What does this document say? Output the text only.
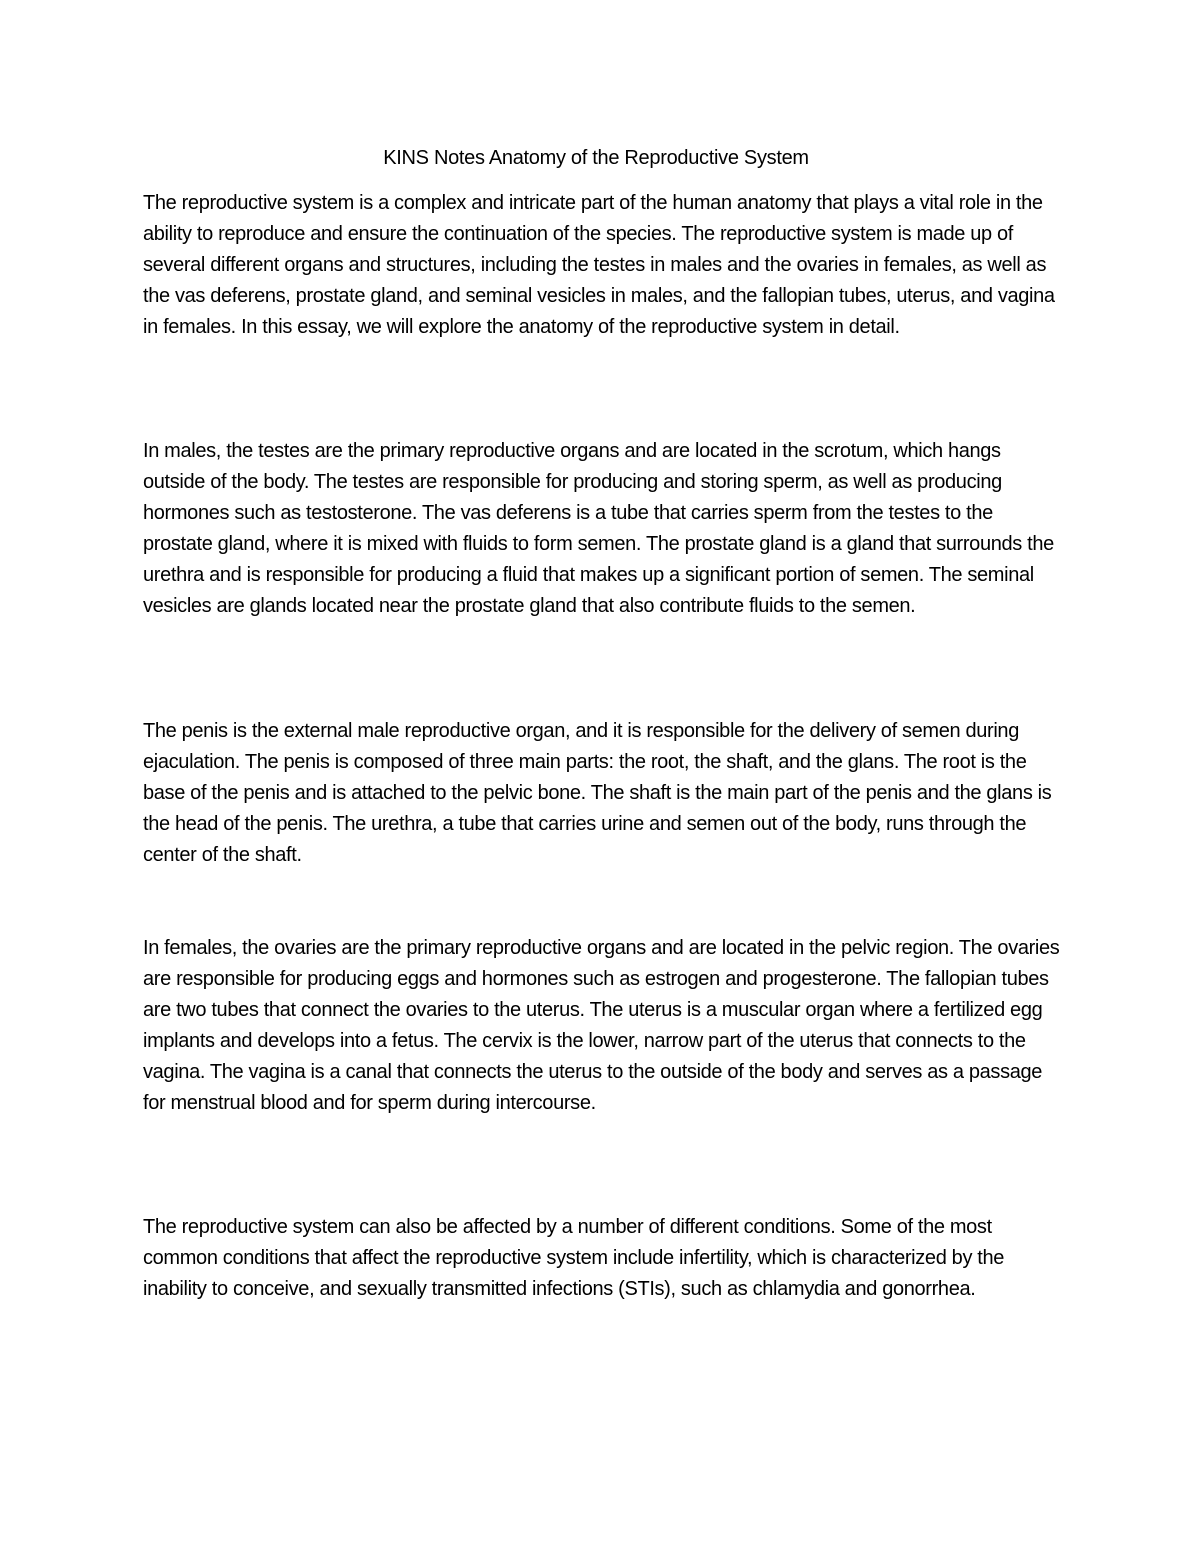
KINS Notes Anatomy of the Reproductive System

The reproductive system is a complex and intricate part of the human anatomy that plays a vital role in the ability to reproduce and ensure the continuation of the species. The reproductive system is made up of several different organs and structures, including the testes in males and the ovaries in females, as well as the vas deferens, prostate gland, and seminal vesicles in males, and the fallopian tubes, uterus, and vagina in females. In this essay, we will explore the anatomy of the reproductive system in detail.

In males, the testes are the primary reproductive organs and are located in the scrotum, which hangs outside of the body. The testes are responsible for producing and storing sperm, as well as producing hormones such as testosterone. The vas deferens is a tube that carries sperm from the testes to the prostate gland, where it is mixed with fluids to form semen. The prostate gland is a gland that surrounds the urethra and is responsible for producing a fluid that makes up a significant portion of semen. The seminal vesicles are glands located near the prostate gland that also contribute fluids to the semen.

The penis is the external male reproductive organ, and it is responsible for the delivery of semen during ejaculation. The penis is composed of three main parts: the root, the shaft, and the glans. The root is the base of the penis and is attached to the pelvic bone. The shaft is the main part of the penis and the glans is the head of the penis. The urethra, a tube that carries urine and semen out of the body, runs through the center of the shaft.

In females, the ovaries are the primary reproductive organs and are located in the pelvic region. The ovaries are responsible for producing eggs and hormones such as estrogen and progesterone. The fallopian tubes are two tubes that connect the ovaries to the uterus. The uterus is a muscular organ where a fertilized egg implants and develops into a fetus. The cervix is the lower, narrow part of the uterus that connects to the vagina. The vagina is a canal that connects the uterus to the outside of the body and serves as a passage for menstrual blood and for sperm during intercourse.

The reproductive system can also be affected by a number of different conditions. Some of the most common conditions that affect the reproductive system include infertility, which is characterized by the inability to conceive, and sexually transmitted infections (STIs), such as chlamydia and gonorrhea.
